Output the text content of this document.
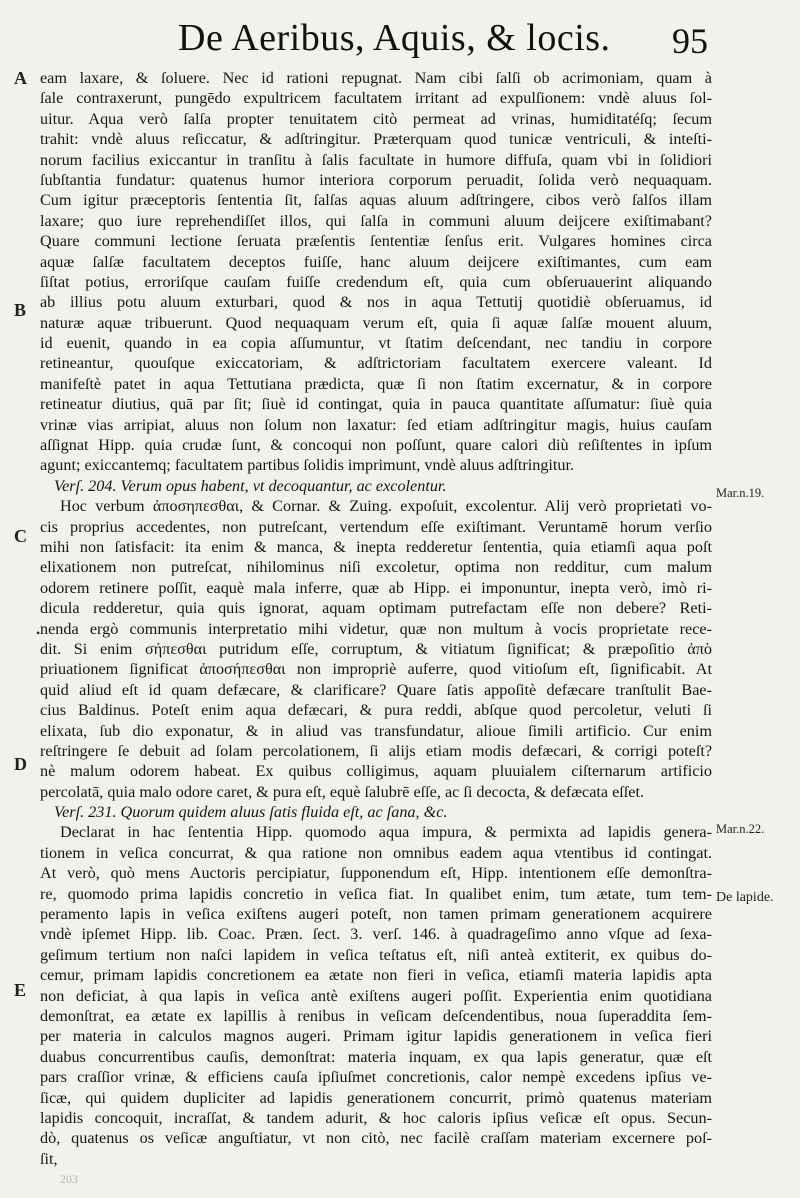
De Aeribus, Aquis, & locis. 95
A
B
C
D
E
•
Mar.n.19.
Mar.n.22.
De lapide.
eam laxare, & ſoluere. Nec id rationi repugnat. Nam cibi ſalſi ob acrimoniam, quam à
ſale contraxerunt, pungēdo expultricem facultatem irritant ad expulſionem: vndè aluus ſol-
uitur. Aqua verò ſalſa propter tenuitatem citò permeat ad vrinas, humiditatéſq; ſecum
trahit: vndè aluus reſiccatur, & adſtringitur. Præterquam quod tunicæ ventriculi, & inteſti-
norum facilius exiccantur in tranſitu à ſalis facultate in humore diffuſa, quam vbi in ſolidiori
ſubſtantia fundatur: quatenus humor interiora corporum peruadit, ſolida verò nequaquam.
Cum igitur præceptoris ſententia ſit, ſalſas aquas aluum adſtringere, cibos verò ſalſos illam
laxare; quo iure reprehendiſſet illos, qui ſalſa in communi aluum deijcere exiſtimabant?
Quare communi lectione ſeruata præſentis ſententiæ ſenſus erit. Vulgares homines circa
aquæ ſalſæ facultatem deceptos fuiſſe, hanc aluum deijcere exiſtimantes, cum eam
ſiſtat potius, erroriſque cauſam fuiſſe credendum eſt, quia cum obſeruauerint aliquando
ab illius potu aluum exturbari, quod & nos in aqua Tettutij quotidiè obſeruamus, id
naturæ aquæ tribuerunt. Quod nequaquam verum eſt, quia ſi aquæ ſalſæ mouent aluum,
id euenit, quando in ea copia aſſumuntur, vt ſtatim deſcendant, nec tandiu in corpore
retineantur, quouſque exiccatoriam, & adſtrictoriam facultatem exercere valeant. Id
manifeſtè patet in aqua Tettutiana prædicta, quæ ſi non ſtatim excernatur, & in corpore
retineatur diutius, quā par ſit; ſiuè id contingat, quia in pauca quantitate aſſumatur: ſiuè quia
vrinæ vias arripiat, aluus non ſolum non laxatur: ſed etiam adſtringitur magis, huius cauſam
aſſignat Hipp. quia crudæ ſunt, & concoqui non poſſunt, quare calori diù reſiſtentes in ipſum
agunt; exiccantemq; facultatem partibus ſolidis imprimunt, vndè aluus adſtringitur.
Verſ. 204. Verum opus habent, vt decoquantur, ac excolentur.
Hoc verbum ἀποσηπεσθαι, & Cornar. & Zuing. expoſuit, excolentur. Alij verò proprietati vo-
cis proprius accedentes, non putreſcant, vertendum eſſe exiſtimant. Veruntamē horum verſio
mihi non ſatisfacit: ita enim & manca, & inepta redderetur ſententia, quia etiamſi aqua poſt
elixationem non putreſcat, nihilominus niſi excoletur, optima non redditur, cum malum
odorem retinere poſſit, eaquè mala inferre, quæ ab Hipp. ei imponuntur, inepta verò, imò ri-
dicula redderetur, quia quis ignorat, aquam optimam putrefactam eſſe non debere? Reti-
nenda ergò communis interpretatio mihi videtur, quæ non multum à vocis proprietate rece-
dit. Si enim σήπεσθαι putridum eſſe, corruptum, & vitiatum ſignificat; & præpoſitio ἀπὸ
priuationem ſignificat ἀποσήπεσθαι non impropriè auferre, quod vitioſum eſt, ſignificabit. At
quid aliud eſt id quam defæcare, & clarificare? Quare ſatis appoſitè defæcare tranſtulit Bae-
cius Baldinus. Poteſt enim aqua defæcari, & pura reddi, abſque quod percoletur, veluti ſi
elixata, ſub dio exponatur, & in aliud vas transfundatur, alioue ſimili artificio. Cur enim
reſtringere ſe debuit ad ſolam percolationem, ſi alijs etiam modis defæcari, & corrigi poteſt?
nè malum odorem habeat. Ex quibus colligimus, aquam pluuialem ciſternarum artificio
percolatā, quia malo odore caret, & pura eſt, equè ſalubrē eſſe, ac ſi decocta, & defæcata eſſet.
Verſ. 231. Quorum quidem aluus ſatis fluida eſt, ac ſana, &c.
Declarat in hac ſententia Hipp. quomodo aqua impura, & permixta ad lapidis genera-
tionem in veſica concurrat, & qua ratione non omnibus eadem aqua vtentibus id contingat.
At verò, quò mens Auctoris percipiatur, ſupponendum eſt, Hipp. intentionem eſſe demonſtra-
re, quomodo prima lapidis concretio in veſica fiat. In qualibet enim, tum ætate, tum tem-
peramento lapis in veſica exiſtens augeri poteſt, non tamen primam generationem acquirere
vndè ipſemet Hipp. lib. Coac. Præn. ſect. 3. verſ. 146. à quadrageſimo anno vſque ad ſexa-
geſimum tertium non naſci lapidem in veſica teſtatus eſt, niſi anteà extiterit, ex quibus do-
cemur, primam lapidis concretionem ea ætate non fieri in veſica, etiamſi materia lapidis apta
non deficiat, à qua lapis in veſica antè exiſtens augeri poſſit. Experientia enim quotidiana
demonſtrat, ea ætate ex lapillis à renibus in veſicam deſcendentibus, noua ſuperaddita ſem-
per materia in calculos magnos augeri. Primam igitur lapidis generationem in veſica fieri
duabus concurrentibus cauſis, demonſtrat: materia inquam, ex qua lapis generatur, quæ eſt
pars craſſior vrinæ, & efficiens cauſa ipſiuſmet concretionis, calor nempè excedens ipſius ve-
ſicæ, qui quidem dupliciter ad lapidis generationem concurrit, primò quatenus materiam
lapidis concoquit, incraſſat, & tandem adurit, & hoc caloris ipſius veſicæ eſt opus. Secun-
dò, quatenus os veſicæ anguſtiatur, vt non citò, nec facilè craſſam materiam excernere poſ-
ſit,
203
